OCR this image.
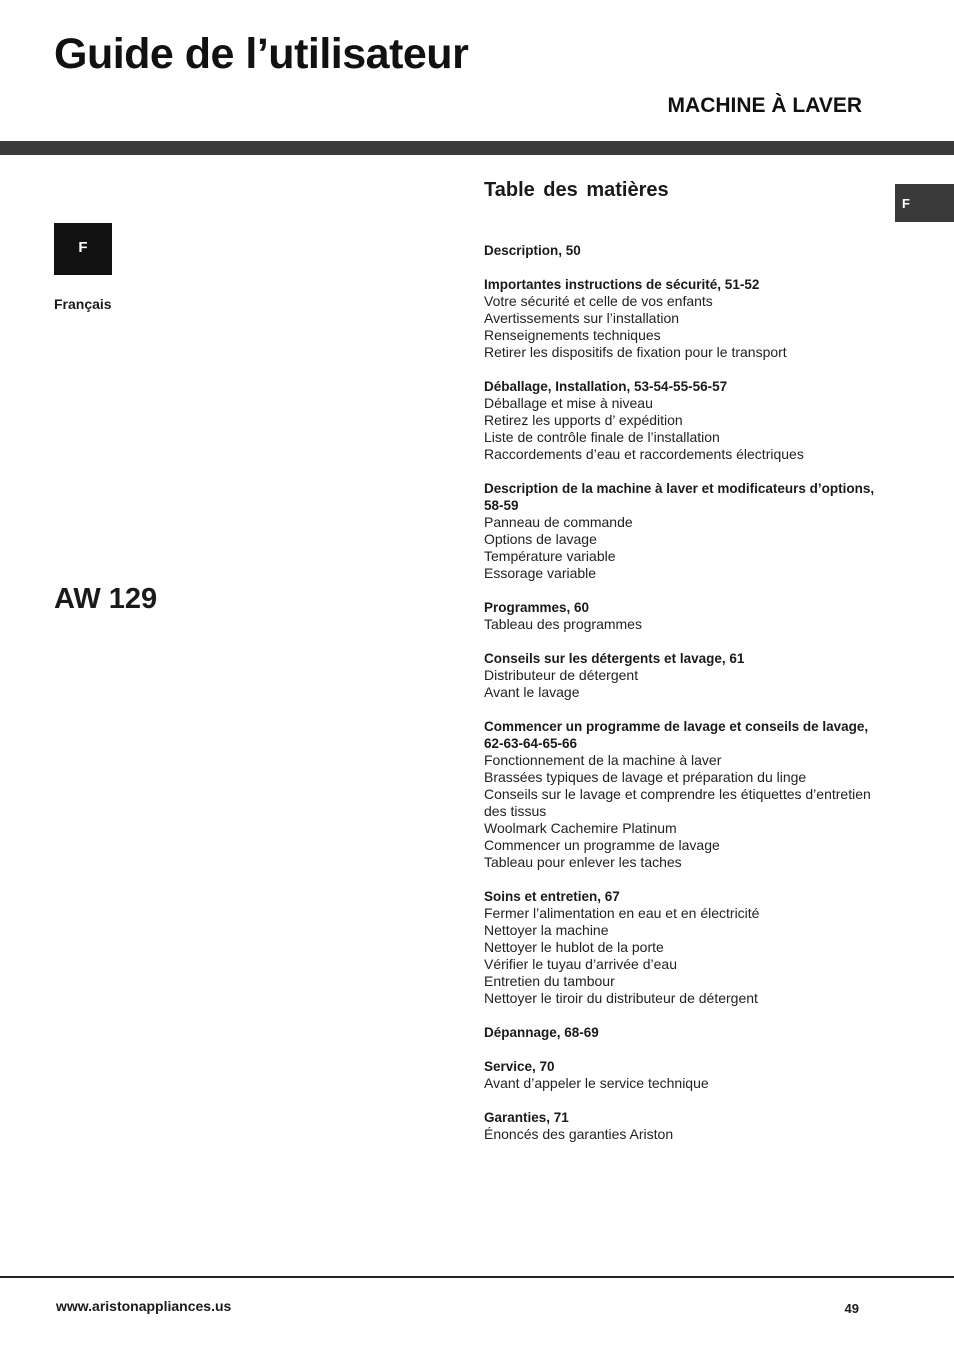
Guide de l’utilisateur
MACHINE À LAVER
F
F
Français
AW 129
Table des matières
Description, 50
Importantes instructions de sécurité, 51-52
Votre sécurité et celle de vos enfants
Avertissements sur l’installation
Renseignements techniques
Retirer les dispositifs de fixation pour le transport
Déballage, Installation, 53-54-55-56-57
Déballage et mise à niveau
Retirez les upports d’ expédition
Liste de contrôle finale de l’installation
Raccordements d’eau et raccordements électriques
Description de la machine à laver et modificateurs d’options, 58-59
Panneau de commande
Options de lavage
Température variable
Essorage variable
Programmes, 60
Tableau des programmes
Conseils sur les détergents et lavage, 61
Distributeur de détergent
Avant le lavage
Commencer un programme de lavage et conseils de lavage, 62-63-64-65-66
Fonctionnement de la machine à laver
Brassées typiques de lavage et préparation du linge
Conseils sur le lavage et comprendre les étiquettes d’entretien des tissus
Woolmark Cachemire Platinum
Commencer un programme de lavage
Tableau pour enlever les taches
Soins et entretien, 67
Fermer l’alimentation en eau et en électricité
Nettoyer la machine
Nettoyer le hublot de la porte
Vérifier le tuyau d’arrivée d’eau
Entretien du tambour
Nettoyer le tiroir du distributeur de détergent
Dépannage, 68-69
Service, 70
Avant d’appeler le service technique
Garanties, 71
Énoncés des garanties Ariston
www.aristonappliances.us	49
